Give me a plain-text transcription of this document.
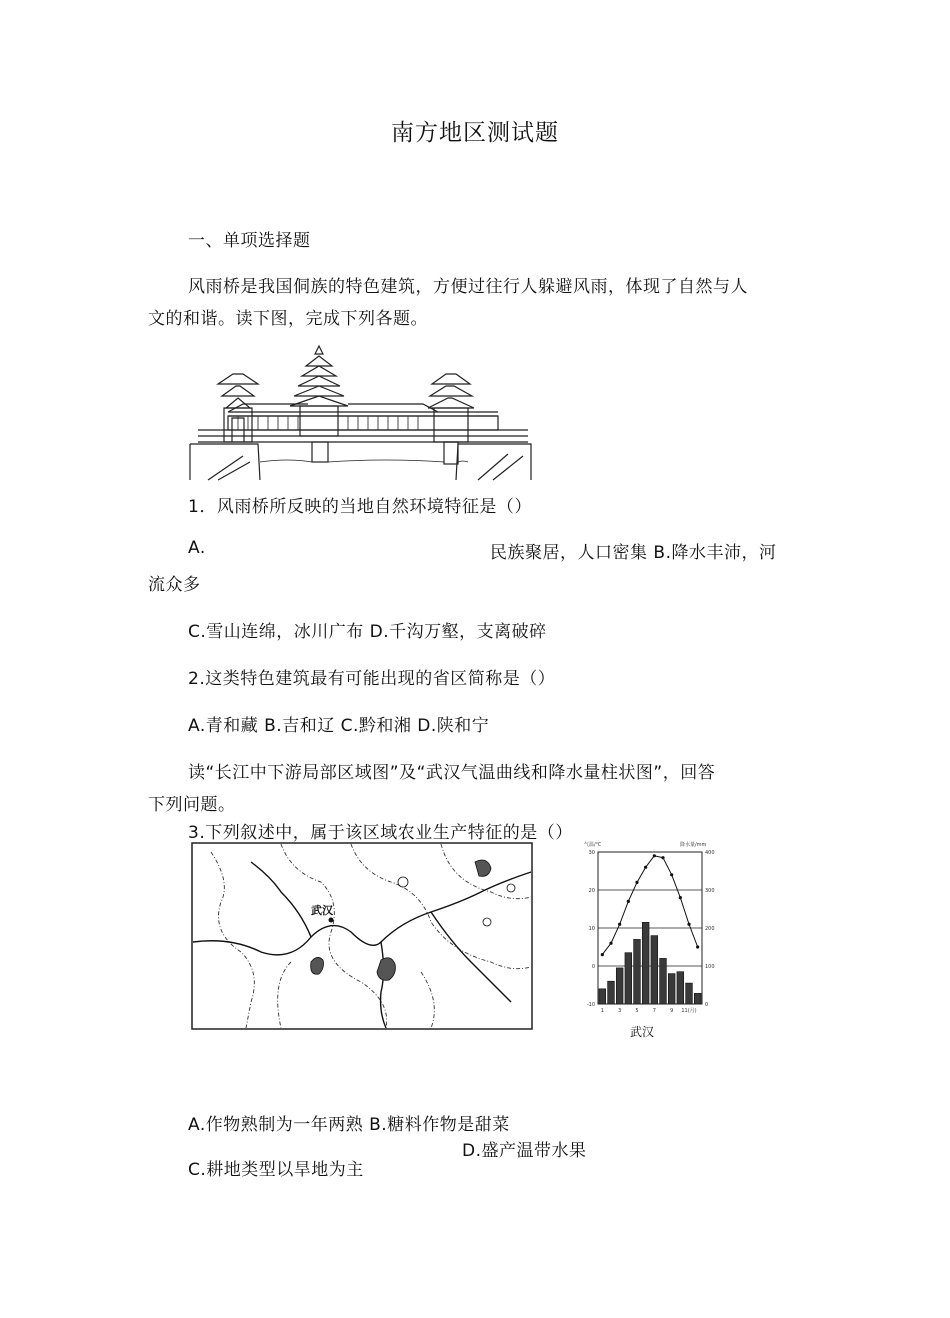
南方地区测试题
一、单项选择题
风雨桥是我国侗族的特色建筑，方便过往行人躲避风雨，体现了自然与人
文的和谐。读下图，完成下列各题。
1．风雨桥所反映的当地自然环境特征是（）
A.	民族聚居，人口密集 B.降水丰沛，河
流众多
C.雪山连绵，冰川广布 D.千沟万壑，支离破碎
2.这类特色建筑最有可能出现的省区简称是（）
A.青和藏 B.吉和辽 C.黔和湘 D.陕和宁
读“长江中下游局部区域图”及“武汉气温曲线和降水量柱状图”，回答
下列问题。
3.下列叙述中，属于该区域农业生产特征的是（）
武汉
气温/℃	降水量/mm
30	400
20	300
10	200
0	100
-10	0
1	3	5	7	9 11(月)
武汉
A.作物熟制为一年两熟 B.糖料作物是甜菜
D.盛产温带水果
C.耕地类型以旱地为主
